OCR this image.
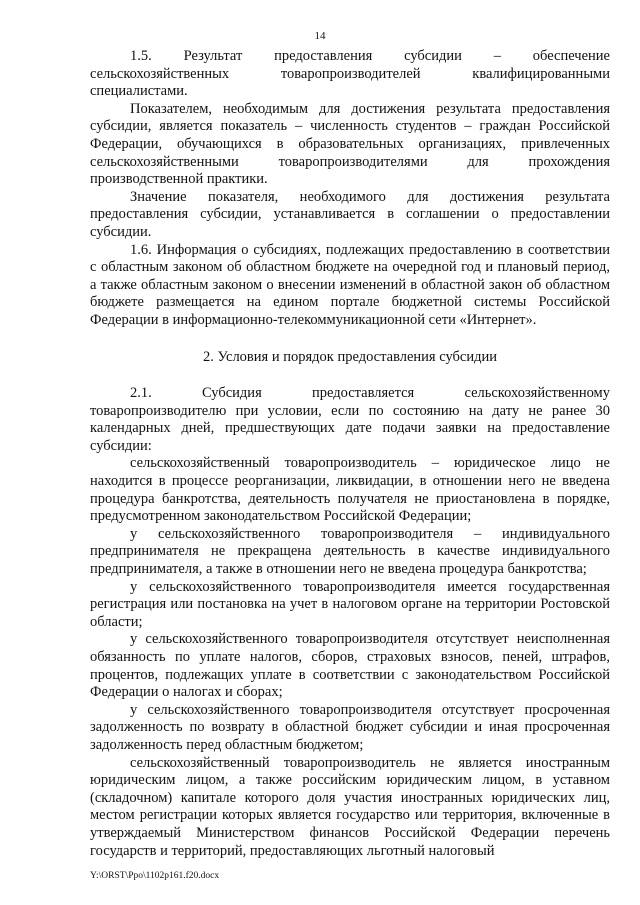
14

1.5. Результат предоставления субсидии – обеспечение сельскохозяйственных товаропроизводителей квалифицированными специалистами.

Показателем, необходимым для достижения результата предоставления субсидии, является показатель – численность студентов – граждан Российской Федерации, обучающихся в образовательных организациях, привлеченных сельскохозяйственными товаропроизводителями для прохождения производственной практики.

Значение показателя, необходимого для достижения результата предоставления субсидии, устанавливается в соглашении о предоставлении субсидии.

1.6. Информация о субсидиях, подлежащих предоставлению в соответствии с областным законом об областном бюджете на очередной год и плановый период, а также областным законом о внесении изменений в областной закон об областном бюджете размещается на едином портале бюджетной системы Российской Федерации в информационно-телекоммуникационной сети «Интернет».

2. Условия и порядок предоставления субсидии

2.1. Субсидия предоставляется сельскохозяйственному товаропроизводителю при условии, если по состоянию на дату не ранее 30 календарных дней, предшествующих дате подачи заявки на предоставление субсидии:

сельскохозяйственный товаропроизводитель – юридическое лицо не находится в процессе реорганизации, ликвидации, в отношении него не введена процедура банкротства, деятельность получателя не приостановлена в порядке, предусмотренном законодательством Российской Федерации;

у сельскохозяйственного товаропроизводителя – индивидуального предпринимателя не прекращена деятельность в качестве индивидуального предпринимателя, а также в отношении него не введена процедура банкротства;

у сельскохозяйственного товаропроизводителя имеется государственная регистрация или постановка на учет в налоговом органе на территории Ростовской области;

у сельскохозяйственного товаропроизводителя отсутствует неисполненная обязанность по уплате налогов, сборов, страховых взносов, пеней, штрафов, процентов, подлежащих уплате в соответствии с законодательством Российской Федерации о налогах и сборах;

у сельскохозяйственного товаропроизводителя отсутствует просроченная задолженность по возврату в областной бюджет субсидии и иная просроченная задолженность перед областным бюджетом;

сельскохозяйственный товаропроизводитель не является иностранным юридическим лицом, а также российским юридическим лицом, в уставном (складочном) капитале которого доля участия иностранных юридических лиц, местом регистрации которых является государство или территория, включенные в утверждаемый Министерством финансов Российской Федерации перечень государств и территорий, предоставляющих льготный налоговый

Y:\ORST\Ppo\1102p161.f20.docx
